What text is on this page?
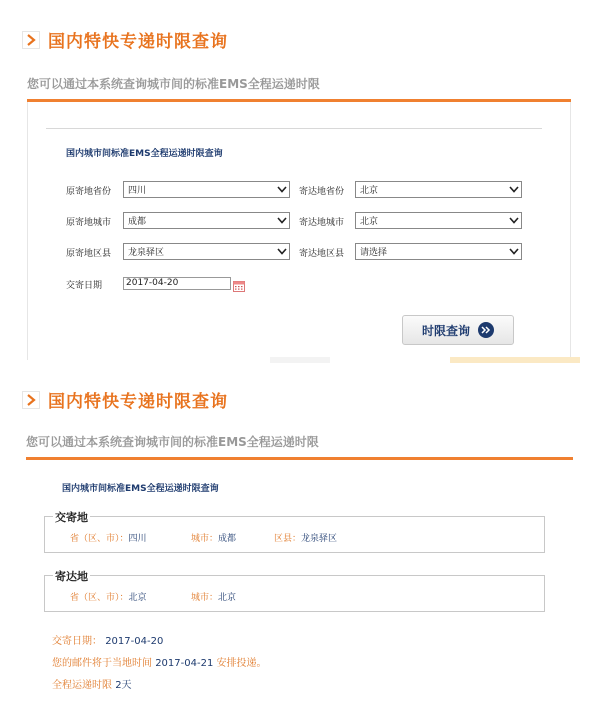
国内特快专递时限查询
您可以通过本系统查询城市间的标准EMS全程运递时限
国内城市间标准EMS全程运递时限查询
原寄地省份 四川	寄达地省份 北京
原寄地城市 成都	寄达地城市 北京
原寄地区县 龙泉驿区	寄达地区县 请选择
交寄日期	2017-04-20
时限查询
国内特快专递时限查询
您可以通过本系统查询城市间的标准EMS全程运递时限
国内城市间标准EMS全程运递时限查询
交寄地
省（区、市）：四川	城市：成都	区县：龙泉驿区
寄达地
省（区、市）：北京	城市：北京
交寄日期： 2017-04-20
您的邮件将于当地时间 2017-04-21 安排投递。
全程运递时限 2天
